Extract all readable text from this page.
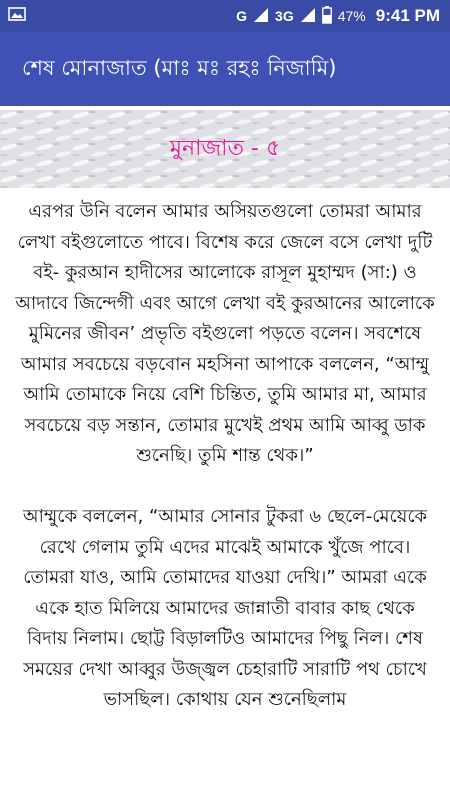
G 3G	47% 9:41 PM
শেষ মোনাজাত (মাঃ মঃ রহঃ নিজামি)
মুনাজাত - ৫

এরপর উনি বলেন আমার অসিয়তগুলো তোমরা আমার লেখা বইগুলোতে পাবে। বিশেষ করে জেলে বসে লেখা দুটি বই- কুরআন হাদীসের আলোকে রাসূল মুহাম্মদ (সা:) ও আদাবে জিন্দেগী এবং আগে লেখা বই কুরআনের আলোকে মুমিনের জীবন’ প্রভৃতি বইগুলো পড়তে বলেন। সবশেষে আমার সবচেয়ে বড়বোন মহসিনা আপাকে বললেন, “আম্মু আমি তোমাকে নিয়ে বেশি চিন্তিত, তুমি আমার মা, আমার সবচেয়ে বড় সন্তান, তোমার মুখেই প্রথম আমি আব্বু ডাক শুনেছি। তুমি শান্ত থেক।”

আম্মুকে বললেন, “আমার সোনার টুকরা ৬ ছেলে-মেয়েকে রেখে গেলাম তুমি এদের মাঝেই আমাকে খুঁজে পাবে। তোমরা যাও, আমি তোমাদের যাওয়া দেখি।” আমরা একে একে হাত মিলিয়ে আমাদের জান্নাতী বাবার কাছ থেকে বিদায় নিলাম। ছোট্ট বিড়ালটিও আমাদের পিছু নিল। শেষ সময়ের দেখা আব্বুর উজ্জ্বল চেহারাটি সারাটি পথ চোখে ভাসছিল। কোথায় যেন শুনেছিলাম
